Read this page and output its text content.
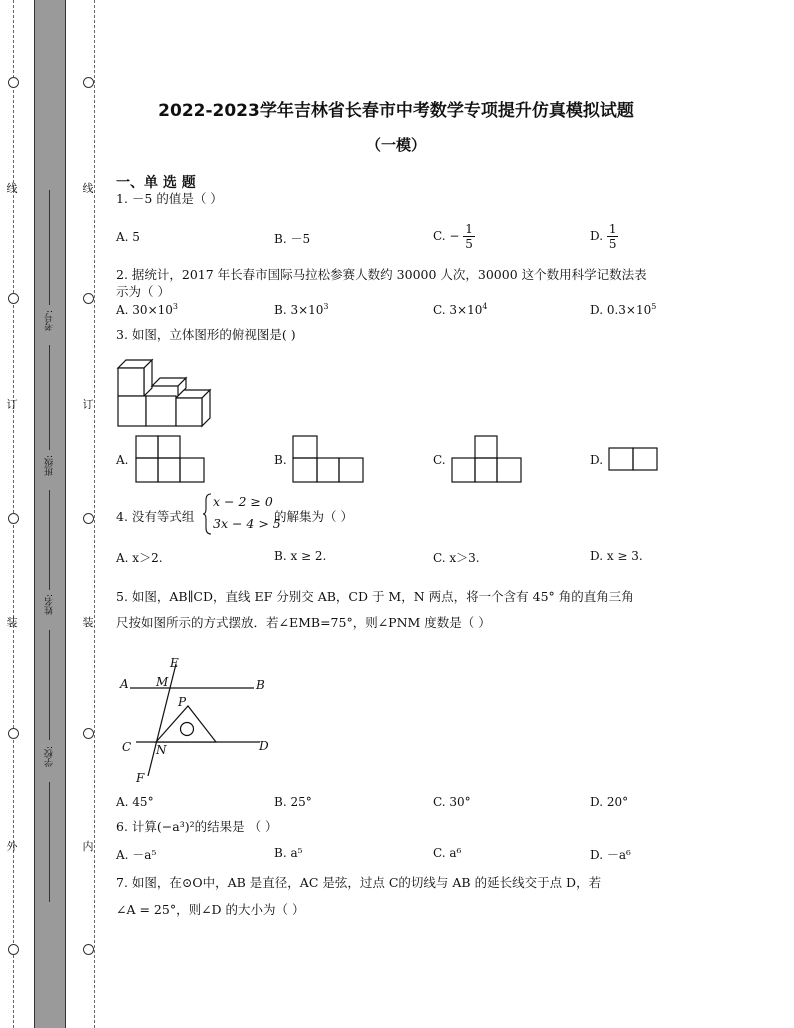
线
订
装
外
线
订
装
内
考号:
班级:
姓名:
学校:
2022-2023学年吉林省长春市中考数学专项提升仿真模拟试题
（一模）
一、单 选 题
1. －5 的值是（ ）
A. 5	B. －5	C. − $\frac{1}{5}$	D. $\frac{1}{5}$
2. 据统计，2017 年长春市国际马拉松参赛人数约 30000 人次，30000 这个数用科学记数法表
示为（ ）
A. $30\times 10^3$	B. $3\times 10^3$	C. $3\times 10^4$	D. $0.3\times 10^5$
3. 如图，立体图形的俯视图是( )
A.	B.	C.	D.
4. 没有等式组
x − 2 ≥ 0
3x − 4 > 5
的解集为（ ）
A. x＞2.	B. x ≥ 2.	C. x＞3.	D. x ≥ 3.
5. 如图，AB∥CD，直线 EF 分别交 AB，CD 于 M，N 两点，将一个含有 45° 角的直角三角
尺按如图所示的方式摆放．若∠EMB=75°，则∠PNM 度数是（ ）
A	B
C	D
E
F
M
N
P
A. 45°	B. 25°	C. 30°	D. 20°
6. 计算(−a³)²的结果是 （ ）
A. －a⁵	B. a⁵	C. a⁶	D. －a⁶
7. 如图，在⊙O中，AB 是直径，AC 是弦，过点 C的切线与 AB 的延长线交于点 D，若
∠A = 25°，则∠D 的大小为（ ）
